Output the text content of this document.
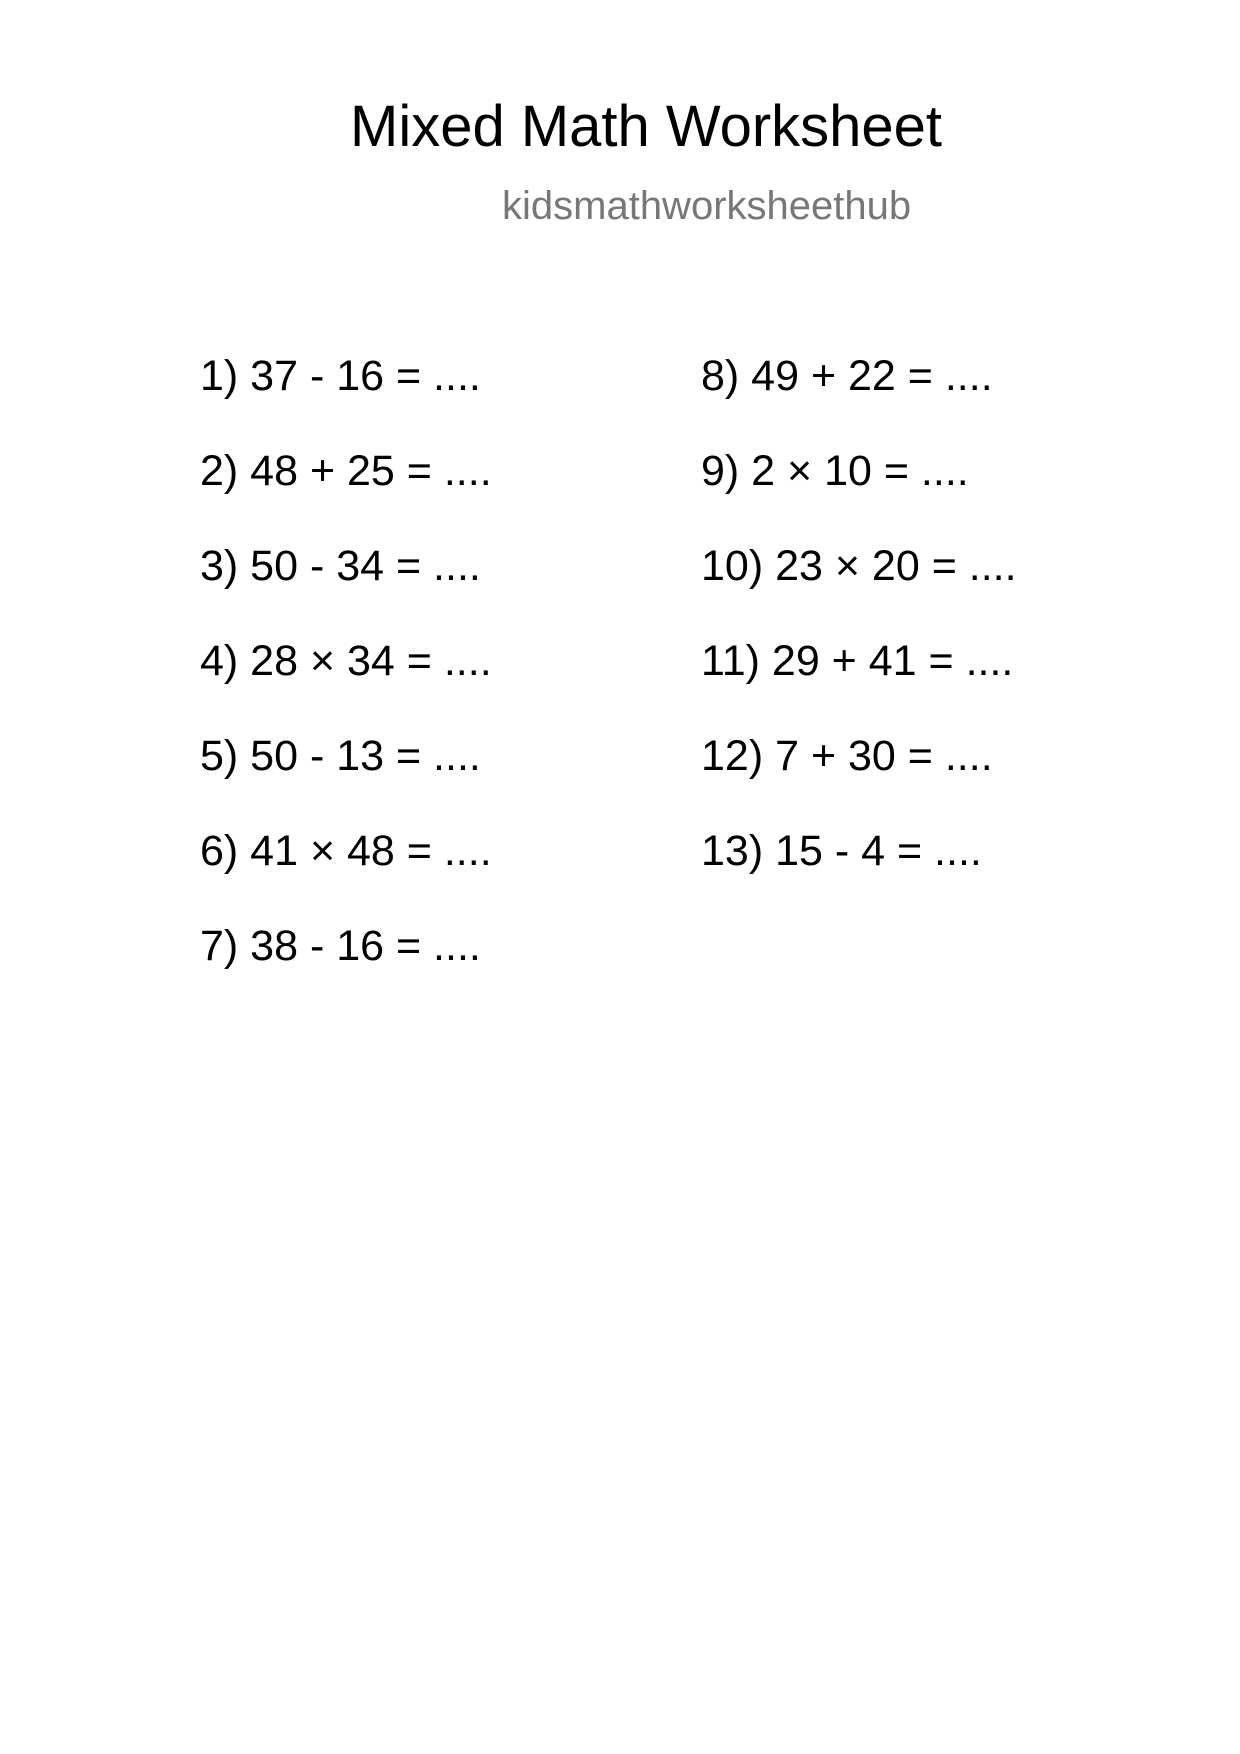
Mixed Math Worksheet
kidsmathworksheethub
1) 37 - 16 = ....
2) 48 + 25 = ....
3) 50 - 34 = ....
4) 28 × 34 = ....
5) 50 - 13 = ....
6) 41 × 48 = ....
7) 38 - 16 = ....
8) 49 + 22 = ....
9) 2 × 10 = ....
10) 23 × 20 = ....
11) 29 + 41 = ....
12) 7 + 30 = ....
13) 15 - 4 = ....
